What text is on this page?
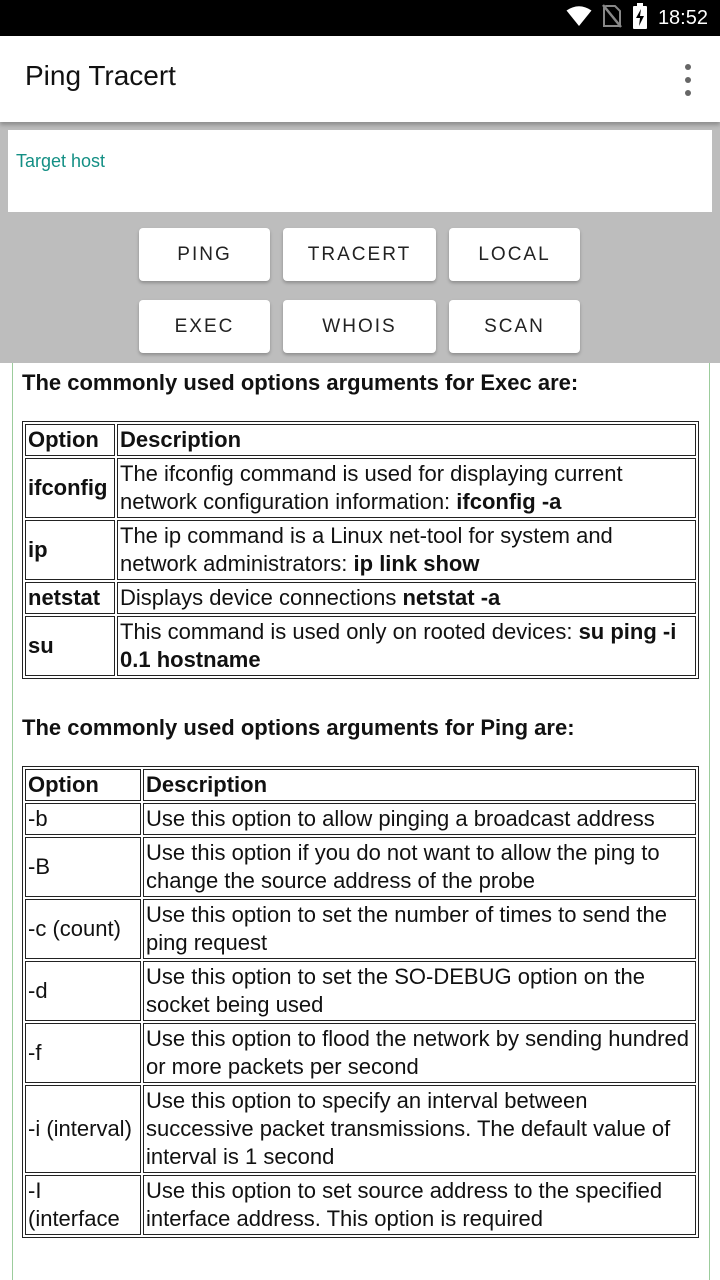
18:52
Ping Tracert
Target host
PING	TRACERT	LOCAL
EXEC	WHOIS	SCAN
The commonly used options arguments for Exec are:
Option	Description
ifconfig	The ifconfig command is used for displaying current network configuration information: ifconfig -a
ip	The ip command is a Linux net-tool for system and network administrators: ip link show
netstat	Displays device connections netstat -a
su	This command is used only on rooted devices: su ping -i 0.1 hostname
The commonly used options arguments for Ping are:
Option	Description
-b	Use this option to allow pinging a broadcast address
-B	Use this option if you do not want to allow the ping to change the source address of the probe
-c (count)	Use this option to set the number of times to send the ping request
-d	Use this option to set the SO-DEBUG option on the socket being used
-f	Use this option to flood the network by sending hundred or more packets per second
-i (interval)	Use this option to specify an interval between successive packet transmissions. The default value of interval is 1 second
-I (interface	Use this option to set source address to the specified interface address. This option is required
